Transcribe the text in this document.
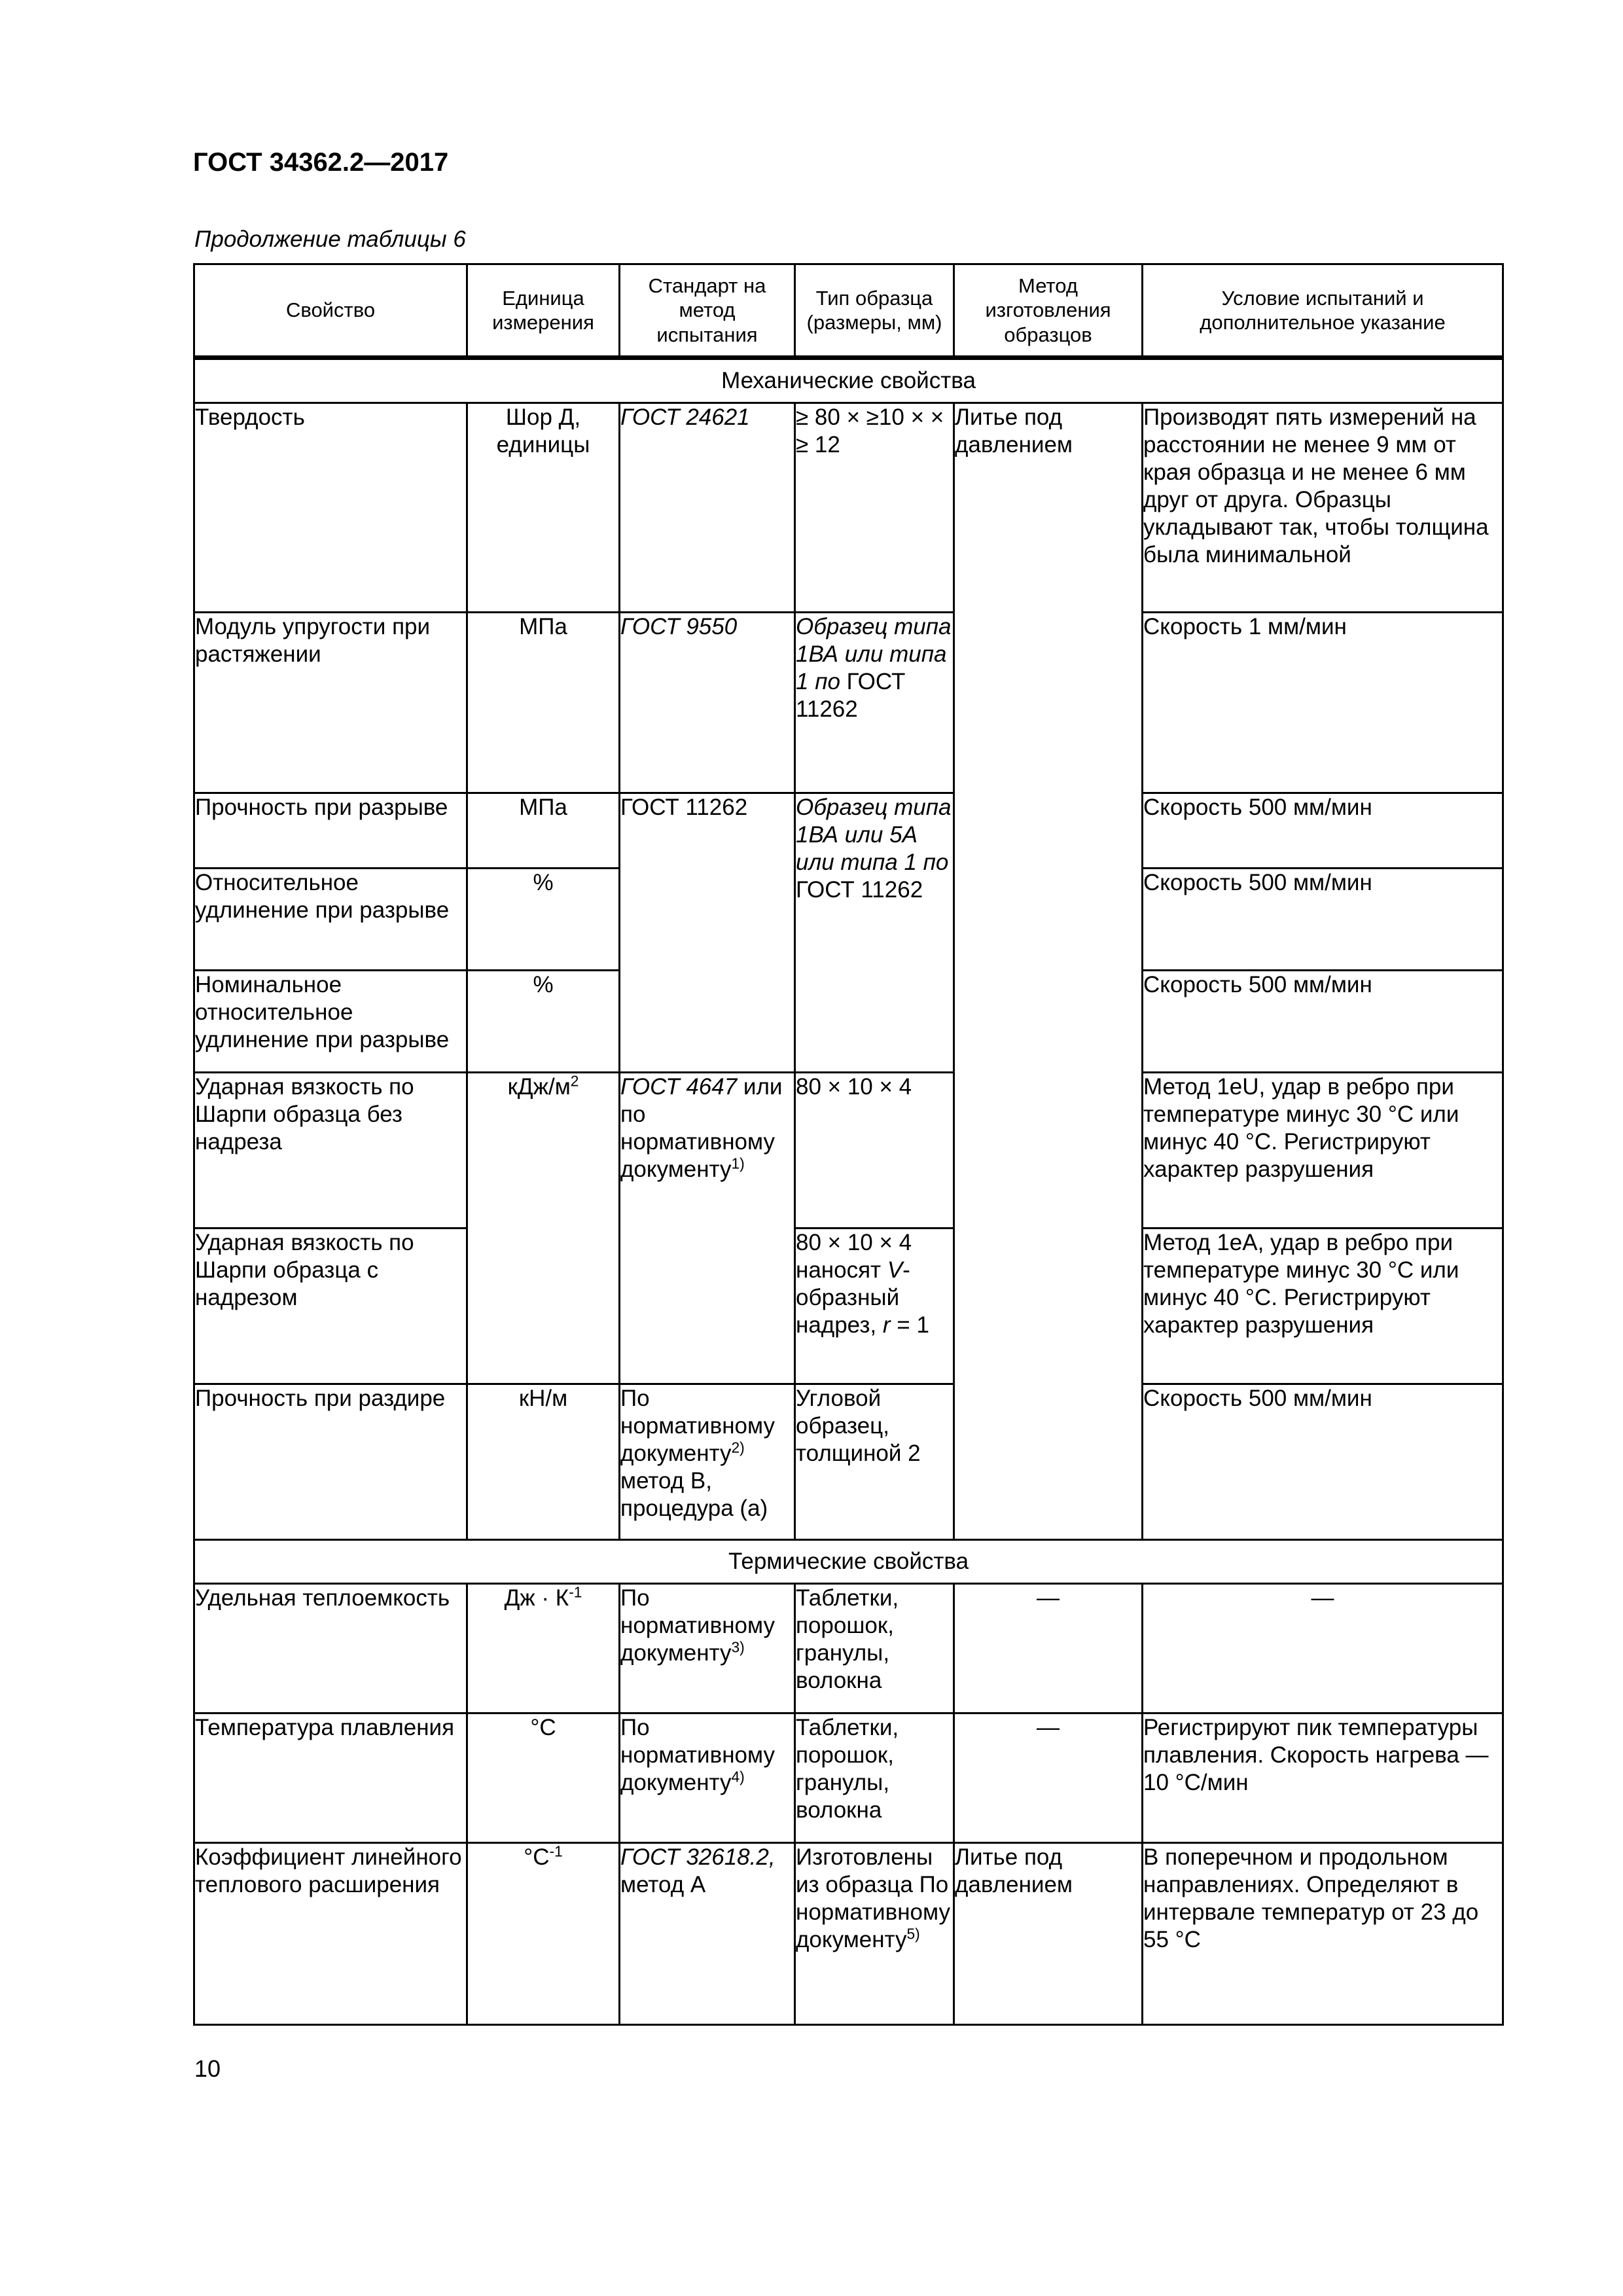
ГОСТ 34362.2—2017
Продолжение таблицы 6
Свойство	Единица измерения	Стандарт на метод испытания	Тип образца (размеры, мм)	Метод изготовления образцов	Условие испытаний и дополнительное указание
Механические свойства					
Твердость	Шор Д, единицы	ГОСТ 24621	≥ 80 × ≥10 × × ≥ 12	Литье под давлением	Производят пять измерений на расстоянии не менее 9 мм от края образца и не менее 6 мм друг от друга. Образцы укладывают так, чтобы толщина была минимальной
Модуль упругости при растяжении	МПа	ГОСТ 9550	Образец типа 1ВА или типа 1 по ГОСТ 11262		Скорость 1 мм/мин
Прочность при разрыве	МПа	ГОСТ 11262	Образец типа 1ВА или 5А или типа 1 по ГОСТ 11262		Скорость 500 мм/мин
Относительное удлинение при разрыве	%				Скорость 500 мм/мин
Номинальное относительное удлинение при разрыве	%				Скорость 500 мм/мин
Ударная вязкость по Шарпи образца без надреза	кДж/$м^2$	ГОСТ 4647 или по нормативному документу$^{1)}$	80 × 10 × 4		Метод 1eU, удар в ребро при температуре минус 30 °С или минус 40 °С. Регистрируют характер разрушения
Ударная вязкость по Шарпи образца с надрезом			80 × 10 × 4 наносят V-образный надрез, r = 1		Метод 1eA, удар в ребро при температуре минус 30 °С или минус 40 °С. Регистрируют характер разрушения
Прочность при раздире	кН/м	По нормативному документу$^{2)}$ метод В, процедура (а)	Угловой образец, толщиной 2		Скорость 500 мм/мин
Термические свойства					
Удельная теплоемкость	Дж · $К^{-1}$	По нормативному документу$^{3)}$	Таблетки, порошок, гранулы, волокна	—	—
Температура плавления	°С	По нормативному документу$^{4)}$	Таблетки, порошок, гранулы, волокна	—	Регистрируют пик температуры плавления. Скорость нагрева — 10 °С/мин
Коэффициент линейного теплового расширения	$^\circ С^{-1}$	ГОСТ 32618.2, метод А	Изготовлены из образца По нормативному документу$^{5)}$	Литье под давлением	В поперечном и продольном направлениях. Определяют в интервале температур от 23 до 55 °С
10
